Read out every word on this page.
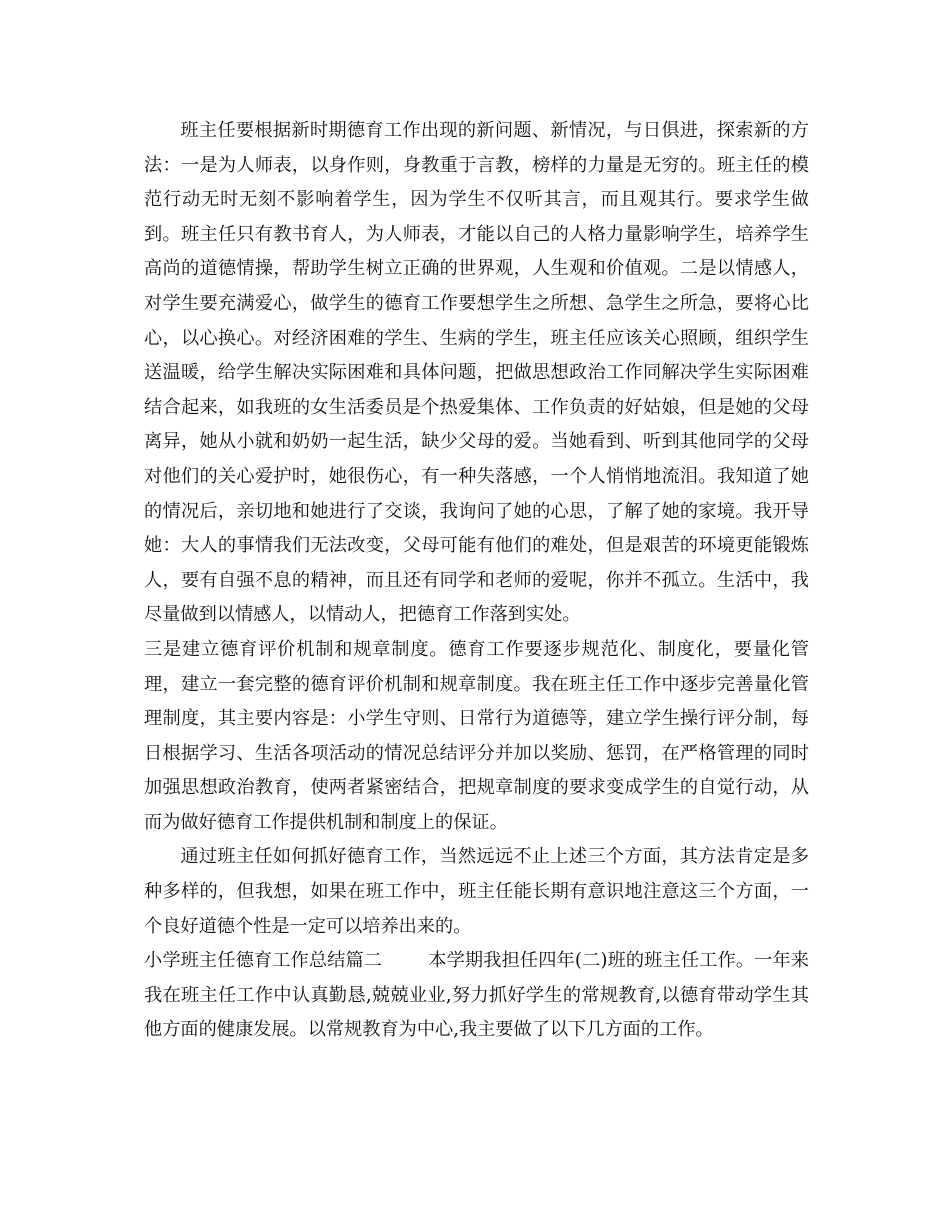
班主任要根据新时期德育工作出现的新问题、新情况，与日俱进，探索新的方法：一是为人师表，以身作则，身教重于言教，榜样的力量是无穷的。班主任的模范行动无时无刻不影响着学生，因为学生不仅听其言，而且观其行。要求学生做到。班主任只有教书育人，为人师表，才能以自己的人格力量影响学生，培养学生高尚的道德情操，帮助学生树立正确的世界观，人生观和价值观。二是以情感人，对学生要充满爱心，做学生的德育工作要想学生之所想、急学生之所急，要将心比心，以心换心。对经济困难的学生、生病的学生，班主任应该关心照顾，组织学生送温暖，给学生解决实际困难和具体问题，把做思想政治工作同解决学生实际困难结合起来，如我班的女生活委员是个热爱集体、工作负责的好姑娘，但是她的父母离异，她从小就和奶奶一起生活，缺少父母的爱。当她看到、听到其他同学的父母对他们的关心爱护时，她很伤心，有一种失落感，一个人悄悄地流泪。我知道了她的情况后，亲切地和她进行了交谈，我询问了她的心思，了解了她的家境。我开导她：大人的事情我们无法改变，父母可能有他们的难处，但是艰苦的环境更能锻炼人，要有自强不息的精神，而且还有同学和老师的爱呢，你并不孤立。生活中，我尽量做到以情感人，以情动人，把德育工作落到实处。

三是建立德育评价机制和规章制度。德育工作要逐步规范化、制度化，要量化管理，建立一套完整的德育评价机制和规章制度。我在班主任工作中逐步完善量化管理制度，其主要内容是：小学生守则、日常行为道德等，建立学生操行评分制，每日根据学习、生活各项活动的情况总结评分并加以奖励、惩罚，在严格管理的同时加强思想政治教育，使两者紧密结合，把规章制度的要求变成学生的自觉行动，从而为做好德育工作提供机制和制度上的保证。

通过班主任如何抓好德育工作，当然远远不止上述三个方面，其方法肯定是多种多样的，但我想，如果在班工作中，班主任能长期有意识地注意这三个方面，一个良好道德个性是一定可以培养出来的。

小学班主任德育工作总结篇二	本学期我担任四年(二)班的班主任工作。一年来我在班主任工作中认真勤恳,兢兢业业,努力抓好学生的常规教育,以德育带动学生其他方面的健康发展。以常规教育为中心,我主要做了以下几方面的工作。
